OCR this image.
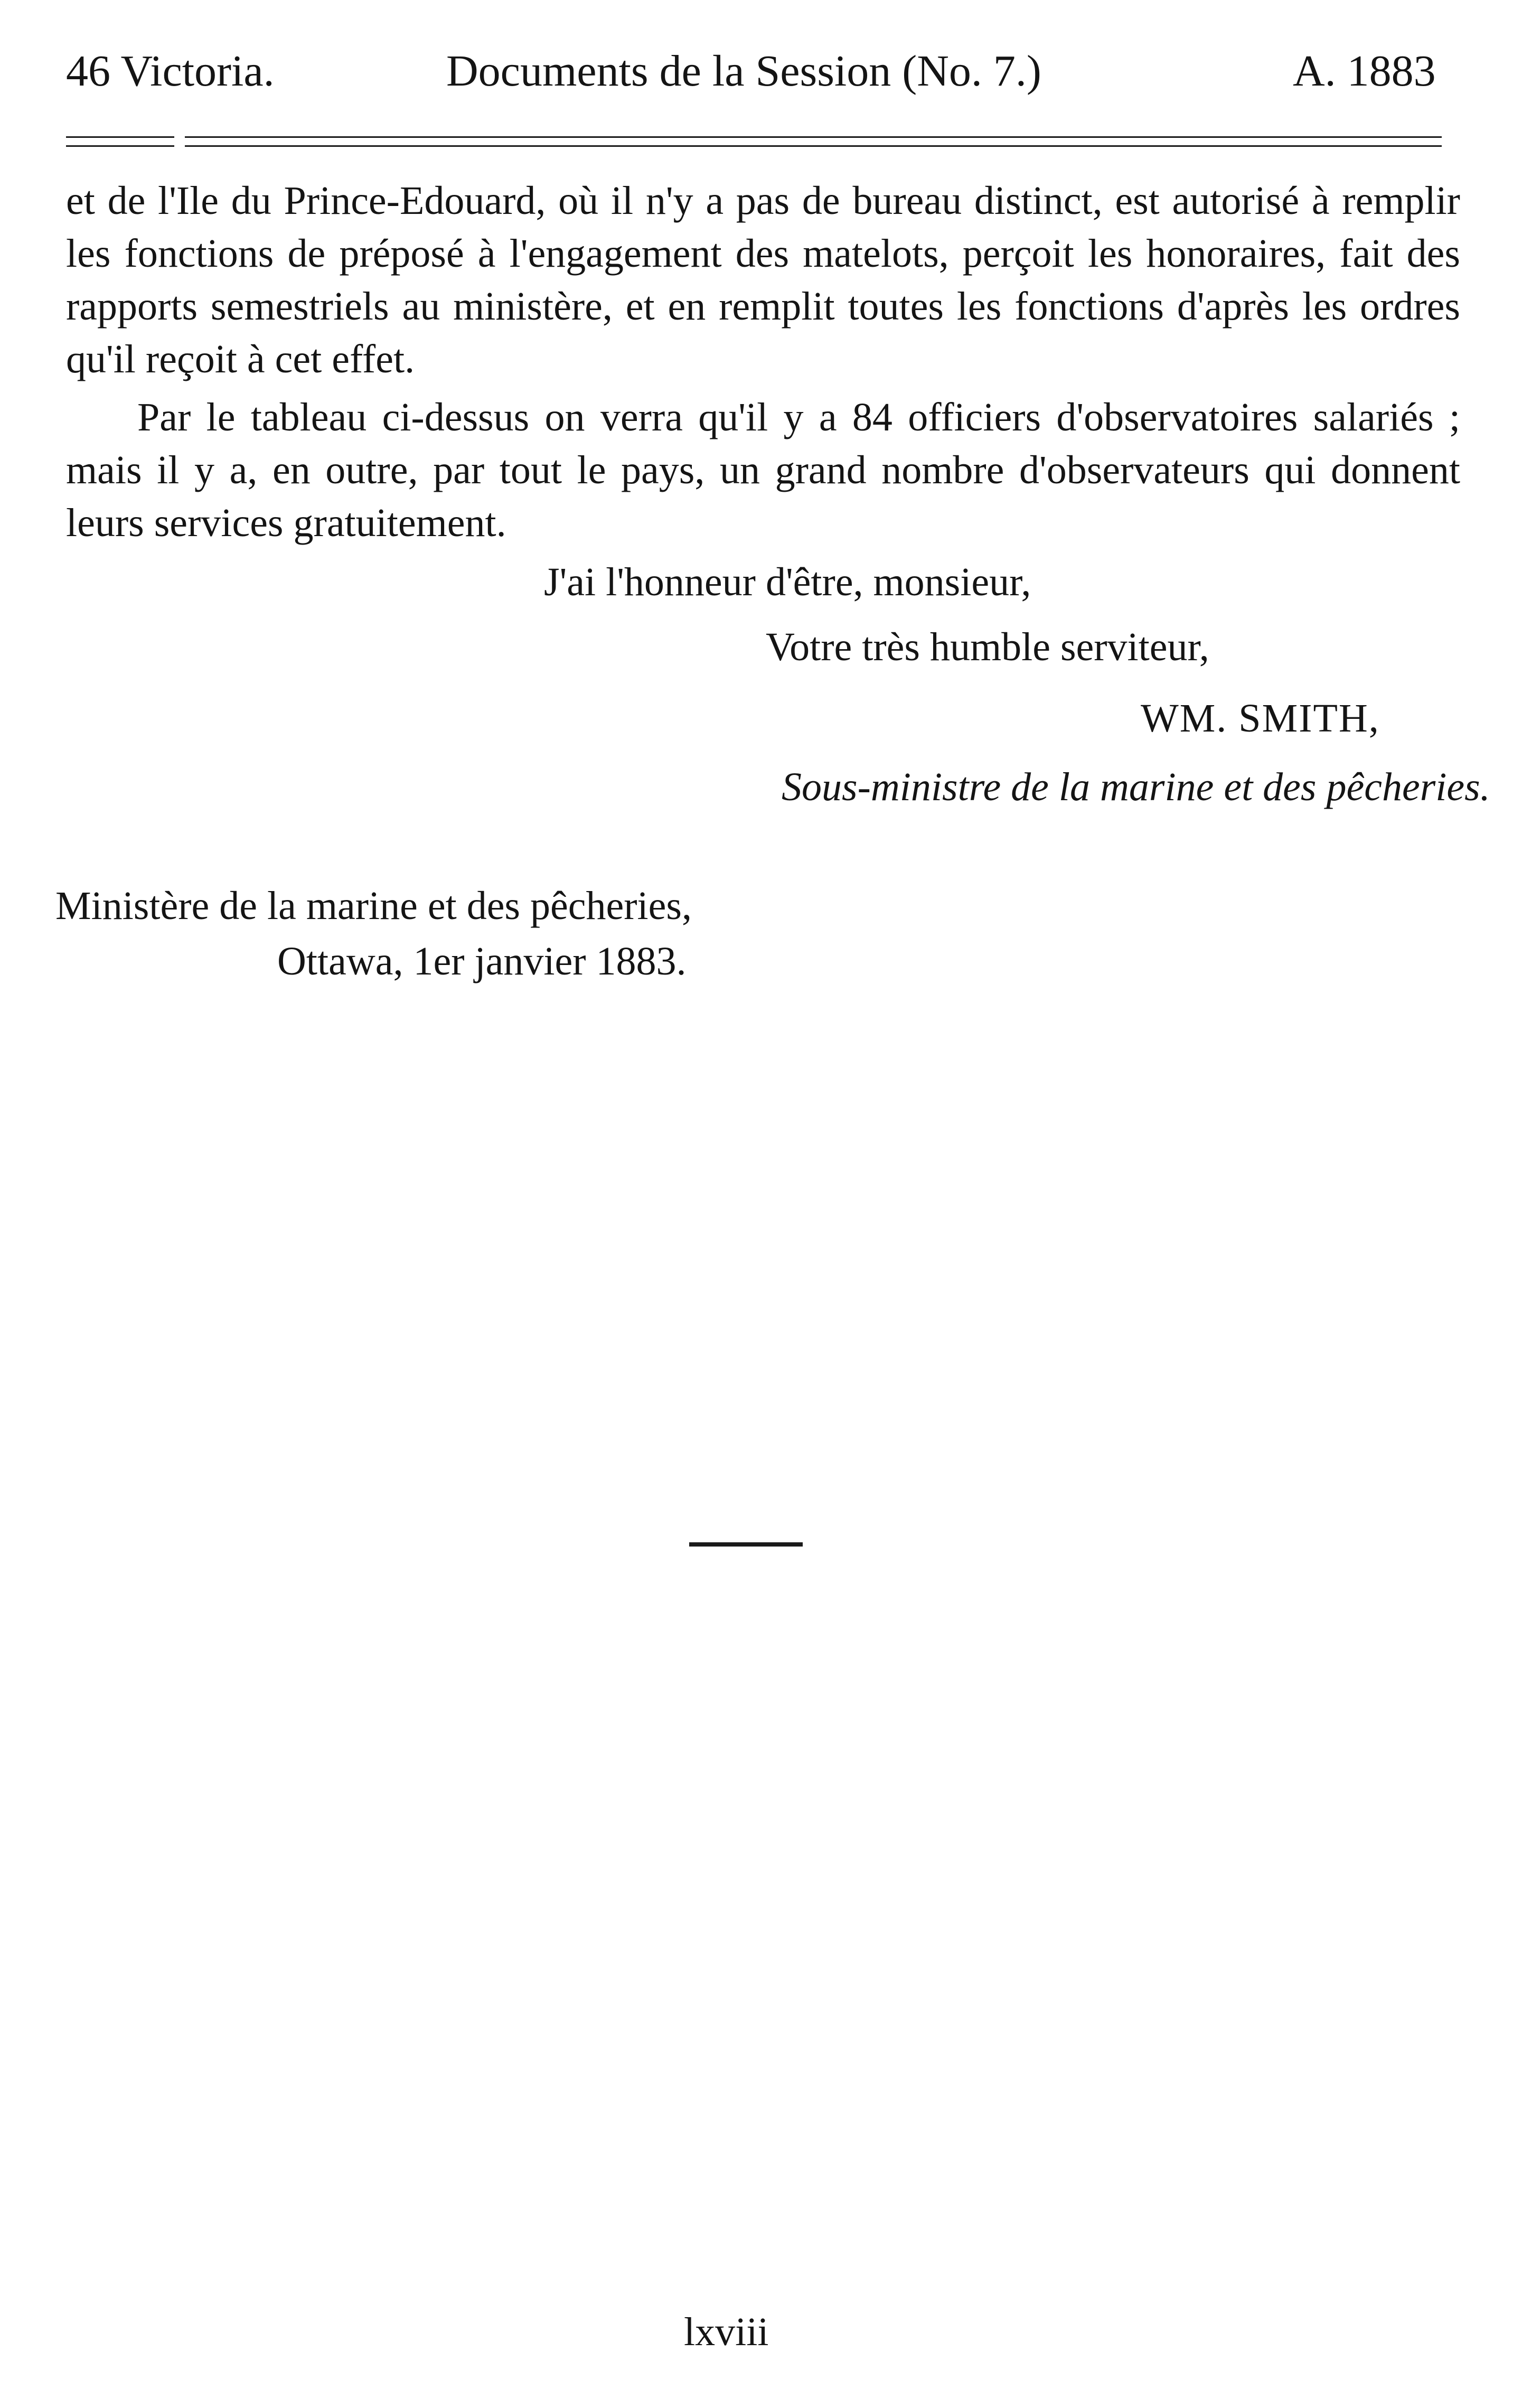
46 Victoria.	Documents de la Session (No. 7.)	A. 1883

et de l'Ile du Prince-Edouard, où il n'y a pas de bureau distinct, est autorisé à remplir les fonctions de préposé à l'engagement des matelots, perçoit les honoraires, fait des rapports semestriels au ministère, et en remplit toutes les fonctions d'après les ordres qu'il reçoit à cet effet.

Par le tableau ci-dessus on verra qu'il y a 84 officiers d'observatoires salariés ; mais il y a, en outre, par tout le pays, un grand nombre d'observateurs qui donnent leurs services gratuitement.

J'ai l'honneur d'être, monsieur,
Votre très humble serviteur,
WM. SMITH,
Sous-ministre de la marine et des pêcheries.
Ministère de la marine et des pêcheries,
Ottawa, 1er janvier 1883.
lxviii
